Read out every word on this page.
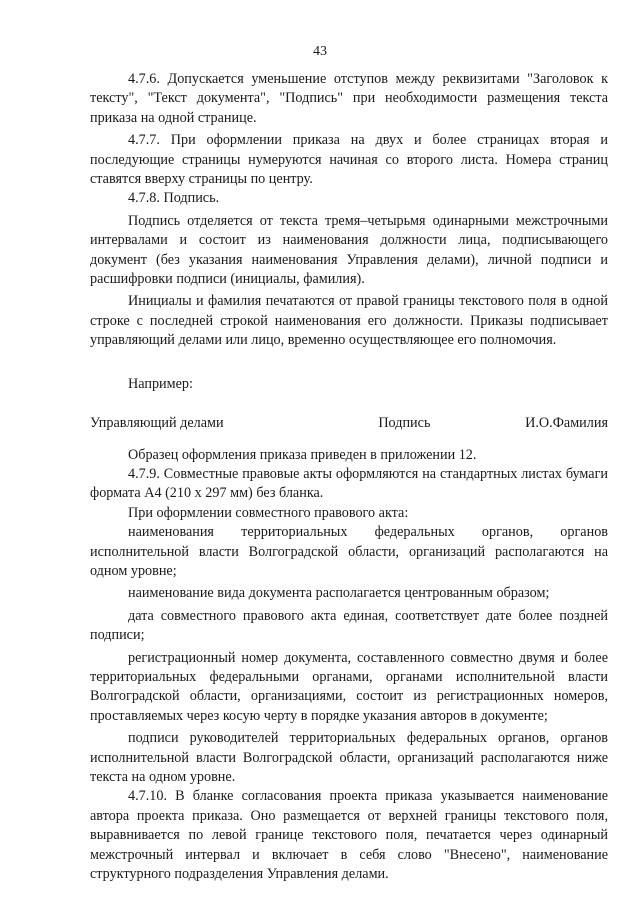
43

4.7.6. Допускается уменьшение отступов между реквизитами "Заголовок к тексту", "Текст документа", "Подпись" при необходимости размещения текста приказа на одной странице.

4.7.7. При оформлении приказа на двух и более страницах вторая и последующие страницы нумеруются начиная со второго листа. Номера страниц ставятся вверху страницы по центру.

4.7.8. Подпись.

Подпись отделяется от текста тремя–четырьмя одинарными межстрочными интервалами и состоит из наименования должности лица, подписывающего документ (без указания наименования Управления делами), личной подписи и расшифровки подписи (инициалы, фамилия).

Инициалы и фамилия печатаются от правой границы текстового поля в одной строке с последней строкой наименования его должности. Приказы подписывает управляющий делами или лицо, временно осуществляющее его полномочия.

Например:

Управляющий делами	Подпись	И.О.Фамилия

Образец оформления приказа приведен в приложении 12.

4.7.9. Совместные правовые акты оформляются на стандартных листах бумаги формата А4 (210 х 297 мм) без бланка.

При оформлении совместного правового акта:

наименования территориальных федеральных органов, органов исполнительной власти Волгоградской области, организаций располагаются на одном уровне;

наименование вида документа располагается центрованным образом;

дата совместного правового акта единая, соответствует дате более поздней подписи;

регистрационный номер документа, составленного совместно двумя и более территориальных федеральными органами, органами исполнительной власти Волгоградской области, организациями, состоит из регистрационных номеров, проставляемых через косую черту в порядке указания авторов в документе;

подписи руководителей территориальных федеральных органов, органов исполнительной власти Волгоградской области, организаций располагаются ниже текста на одном уровне.

4.7.10. В бланке согласования проекта приказа указывается наименование автора проекта приказа. Оно размещается от верхней границы текстового поля, выравнивается по левой границе текстового поля, печатается через одинарный межстрочный интервал и включает в себя слово "Внесено", наименование структурного подразделения Управления делами.
